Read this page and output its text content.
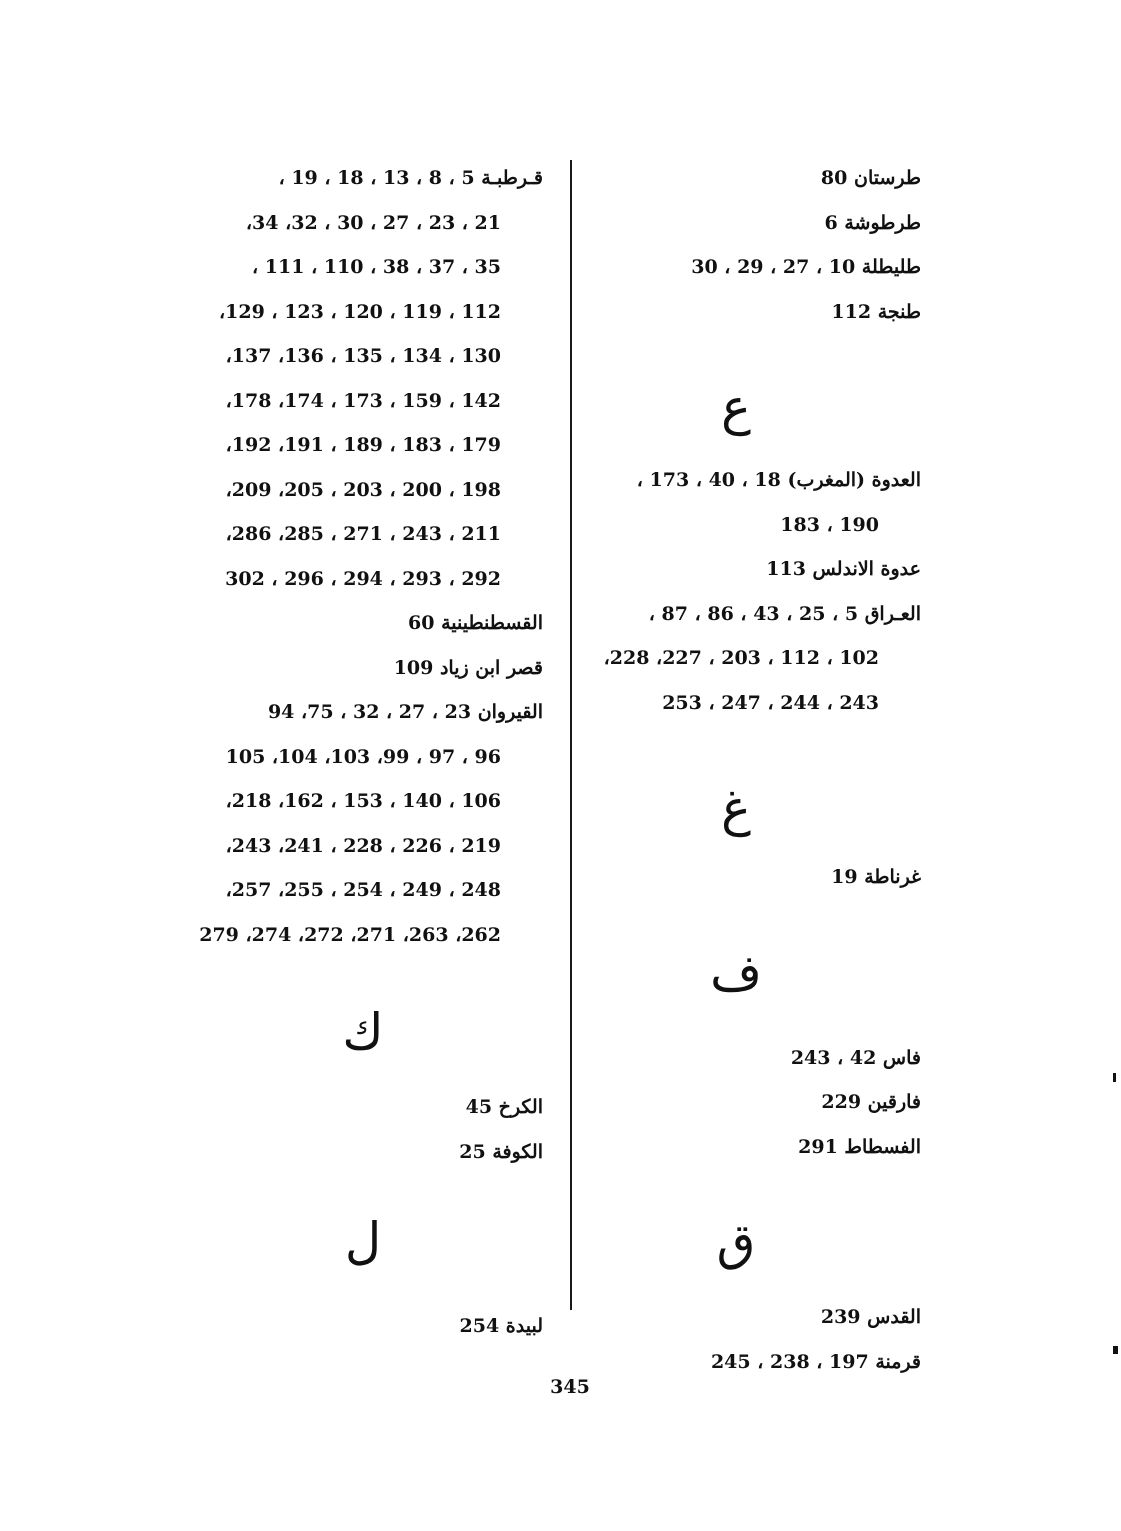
طرستان 80
طرطوشة 6
طليطلة 10 ، 27 ، 29 ، 30
طنجة 112
ع
العدوة (المغرب) 18 ، 40 ، 173 ،
190 ، 183
عدوة الاندلس 113
العـراق 5 ، 25 ، 43 ، 86 ، 87 ،
102 ، 112 ، 203 ، 227، 228،
243 ، 244 ، 247 ، 253
غ
غرناطة 19
ف
فاس 42 ، 243
فارقين 229
الفسطاط 291
ق
القدس 239
قرمنة 197 ، 238 ، 245
قـرطبـة 5 ، 8 ، 13 ، 18 ، 19 ،
21 ، 23 ، 27 ، 30 ، 32، 34،
35 ، 37 ، 38 ، 110 ، 111 ،
112 ، 119 ، 120 ، 123 ، 129،
130 ، 134 ، 135 ، 136، 137،
142 ، 159 ، 173 ، 174، 178،
179 ، 183 ، 189 ، 191، 192،
198 ، 200 ، 203 ، 205، 209،
211 ، 243 ، 271 ، 285، 286،
292 ، 293 ، 294 ، 296 ، 302
القسطنطينية 60
قصر ابن زياد 109
القيروان 23 ، 27 ، 32 ، 75، 94
96 ، 97 ، 99، 103، 104، 105
106 ، 140 ، 153 ، 162، 218،
219 ، 226 ، 228 ، 241، 243،
248 ، 249 ، 254 ، 255، 257،
262، 263، 271، 272، 274، 279
ك
الكرخ 45
الكوفة 25
ل
لبيدة 254
345
